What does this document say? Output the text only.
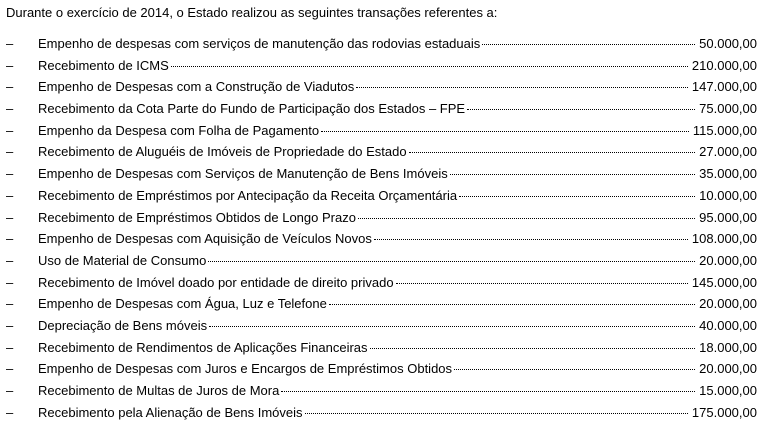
Durante o exercício de 2014, o Estado realizou as seguintes transações referentes a:
–	Empenho de despesas com serviços de manutenção das rodovias estaduais	50.000,00
–	Recebimento de ICMS	210.000,00
–	Empenho de Despesas com a Construção de Viadutos	147.000,00
–	Recebimento da Cota Parte do Fundo de Participação dos Estados – FPE	75.000,00
–	Empenho da Despesa com Folha de Pagamento	115.000,00
–	Recebimento de Aluguéis de Imóveis de Propriedade do Estado	27.000,00
–	Empenho de Despesas com Serviços de Manutenção de Bens Imóveis	35.000,00
–	Recebimento de Empréstimos por Antecipação da Receita Orçamentária	10.000,00
–	Recebimento de Empréstimos Obtidos de Longo Prazo	95.000,00
–	Empenho de Despesas com Aquisição de Veículos Novos	108.000,00
–	Uso de Material de Consumo	20.000,00
–	Recebimento de Imóvel doado por entidade de direito privado	145.000,00
–	Empenho de Despesas com Água, Luz e Telefone	20.000,00
–	Depreciação de Bens móveis	40.000,00
–	Recebimento de Rendimentos de Aplicações Financeiras	18.000,00
–	Empenho de Despesas com Juros e Encargos de Empréstimos Obtidos	20.000,00
–	Recebimento de Multas de Juros de Mora	15.000,00
–	Recebimento pela Alienação de Bens Imóveis	175.000,00
